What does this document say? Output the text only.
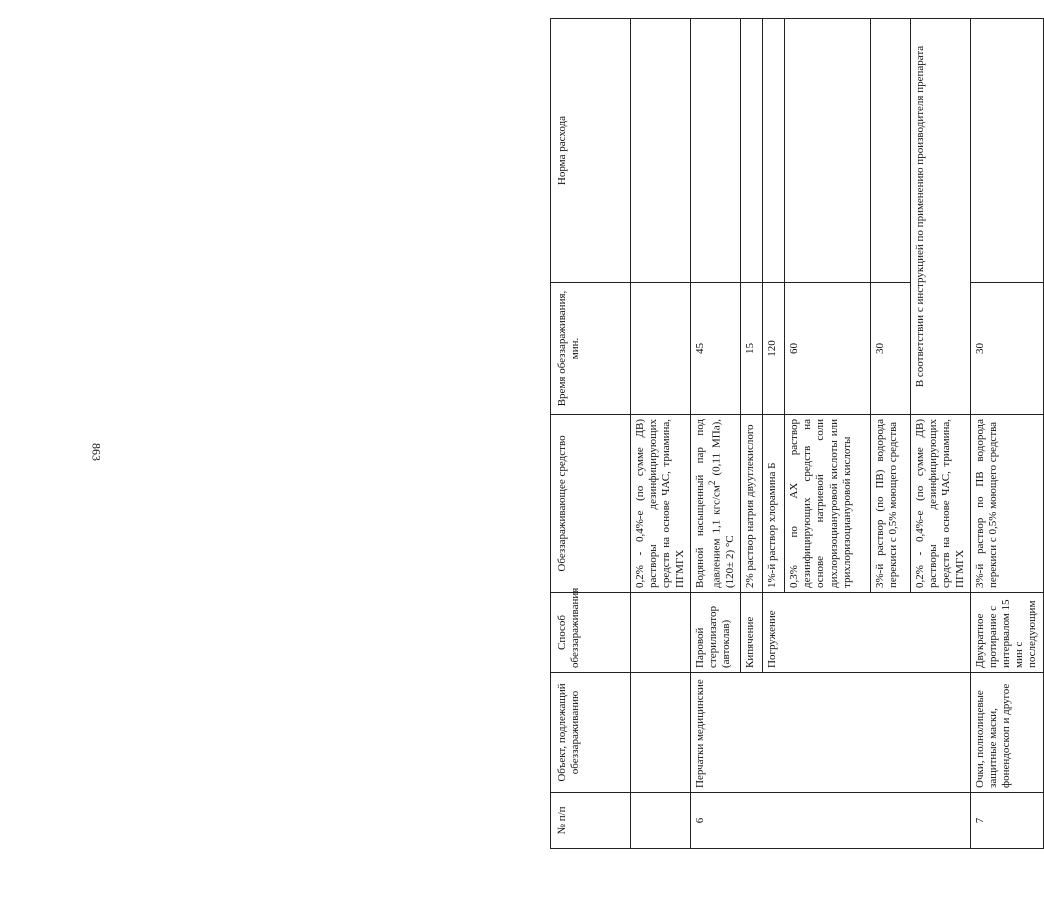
863
№ п/п	Объект, подлежащий обеззараживанию	Способ обеззараживания	Обеззараживающее средство	Время обеззараживания, мин.	Норма расхода
			0,2% - 0,4%-е (по сумме ДВ) растворы дезинфицирующих средств на основе ЧАС, триамина, ПГМГХ		
6	Перчатки медицинские	Паровой стерилизатор (автоклав)	Водяной насыщенный пар под давлением 1,1 кгс/$см^2$ (0,11 МПа), (120± 2) °С	45	
		Кипячение	2% раствор натрия двууглекислого	15	
		Погружение	1%-й раствор хлорамина Б	120	
			0,3% по АХ раствор дезинфицирующих средств на основе натриевой соли дихлоризоциануровой кислоты или трихлоризоциануровой кислоты	60	
			3%-й раствор (по ПВ) водорода перекиси с 0,5% моющего средства	30	
			0,2% - 0,4%-е (по сумме ДВ) растворы дезинфицирующих средств на основе ЧАС, триамина, ПГМГХ	В соответствии с инструкцией по применению производителя препарата	

7	Очки, полнолицевые защитные маски, фонендоскоп и другое	Двукратное протирание с интервалом 15 мин с последующим	3%-й раствор по ПВ водорода перекиси с 0,5% моющего средства	30	
